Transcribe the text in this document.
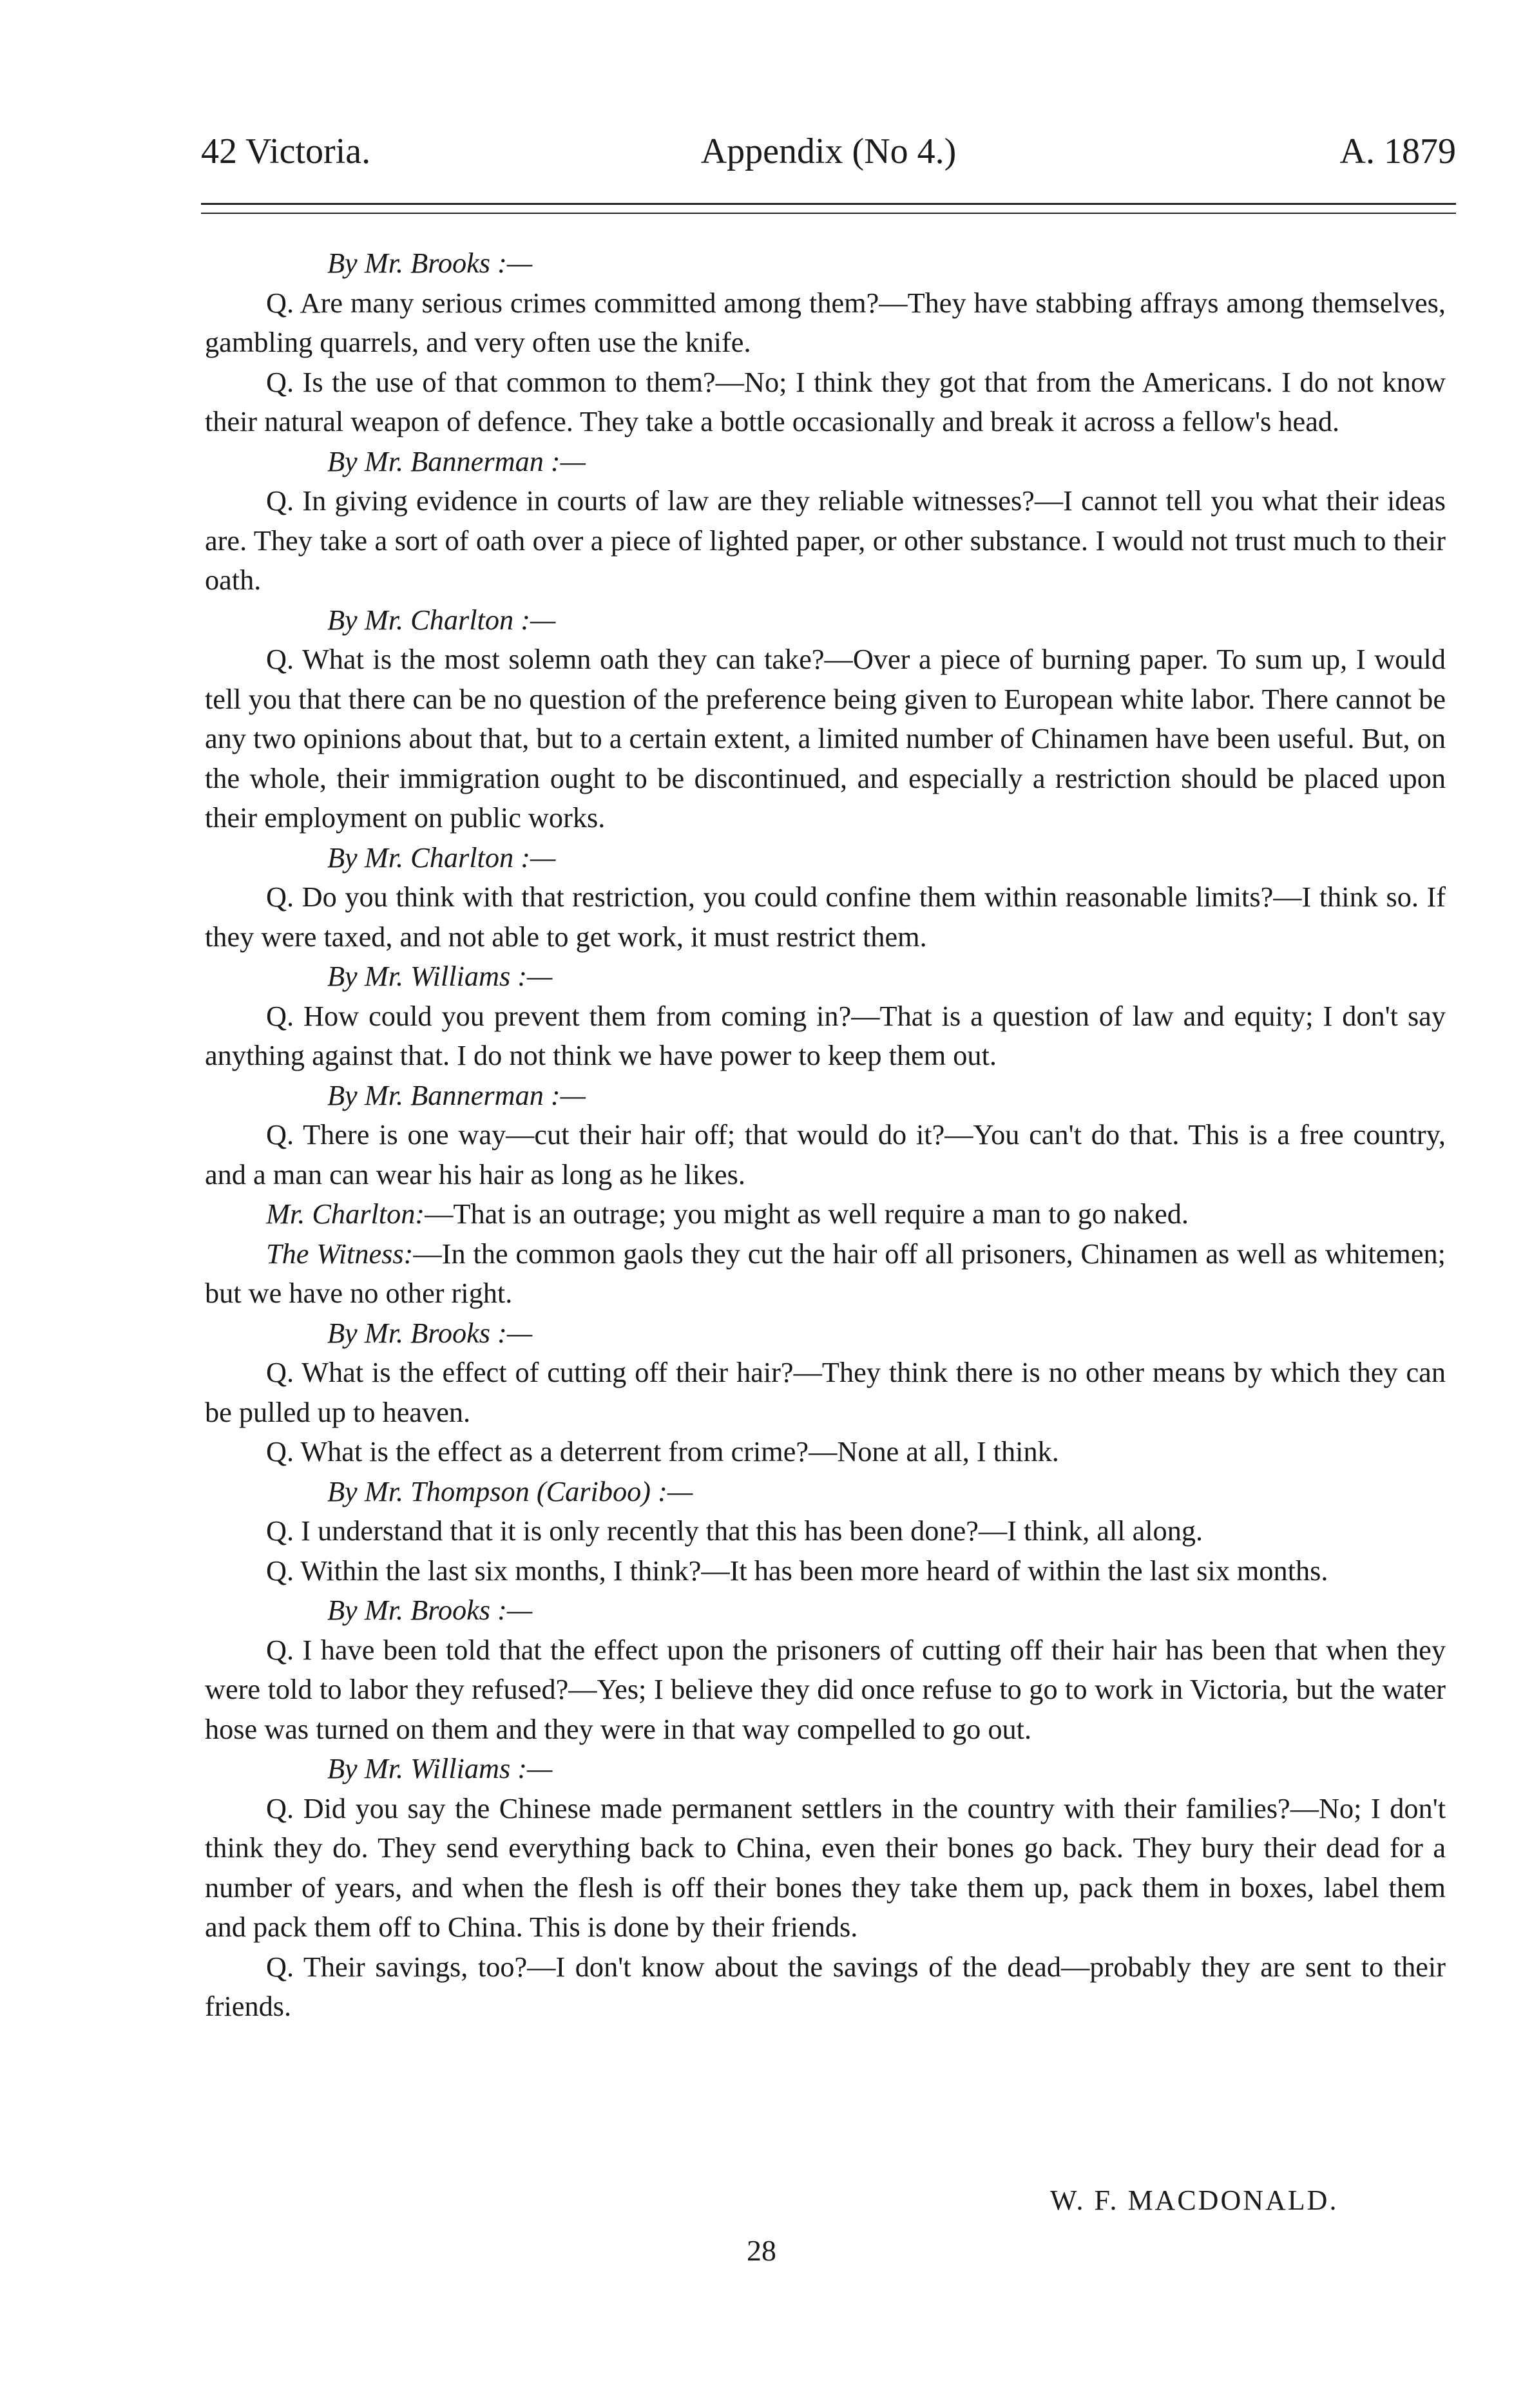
42 Victoria.	Appendix (No 4.)	A. 1879

By Mr. Brooks :—

Q. Are many serious crimes committed among them?—They have stabbing affrays among themselves, gambling quarrels, and very often use the knife.

Q. Is the use of that common to them?—No; I think they got that from the Americans. I do not know their natural weapon of defence. They take a bottle occasionally and break it across a fellow's head.

By Mr. Bannerman :—

Q. In giving evidence in courts of law are they reliable witnesses?—I cannot tell you what their ideas are. They take a sort of oath over a piece of lighted paper, or other substance. I would not trust much to their oath.

By Mr. Charlton :—

Q. What is the most solemn oath they can take?—Over a piece of burning paper. To sum up, I would tell you that there can be no question of the preference being given to European white labor. There cannot be any two opinions about that, but to a certain extent, a limited number of Chinamen have been useful. But, on the whole, their immigration ought to be discontinued, and especially a restriction should be placed upon their employment on public works.

By Mr. Charlton :—

Q. Do you think with that restriction, you could confine them within reasonable limits?—I think so. If they were taxed, and not able to get work, it must restrict them.

By Mr. Williams :—

Q. How could you prevent them from coming in?—That is a question of law and equity; I don't say anything against that. I do not think we have power to keep them out.

By Mr. Bannerman :—

Q. There is one way—cut their hair off; that would do it?—You can't do that. This is a free country, and a man can wear his hair as long as he likes.

Mr. Charlton:—That is an outrage; you might as well require a man to go naked.

The Witness:—In the common gaols they cut the hair off all prisoners, Chinamen as well as whitemen; but we have no other right.

By Mr. Brooks :—

Q. What is the effect of cutting off their hair?—They think there is no other means by which they can be pulled up to heaven.

Q. What is the effect as a deterrent from crime?—None at all, I think.

By Mr. Thompson (Cariboo) :—

Q. I understand that it is only recently that this has been done?—I think, all along.

Q. Within the last six months, I think?—It has been more heard of within the last six months.

By Mr. Brooks :—

Q. I have been told that the effect upon the prisoners of cutting off their hair has been that when they were told to labor they refused?—Yes; I believe they did once refuse to go to work in Victoria, but the water hose was turned on them and they were in that way compelled to go out.

By Mr. Williams :—

Q. Did you say the Chinese made permanent settlers in the country with their families?—No; I don't think they do. They send everything back to China, even their bones go back. They bury their dead for a number of years, and when the flesh is off their bones they take them up, pack them in boxes, label them and pack them off to China. This is done by their friends.

Q. Their savings, too?—I don't know about the savings of the dead—probably they are sent to their friends.

W. F. MACDONALD.
28
